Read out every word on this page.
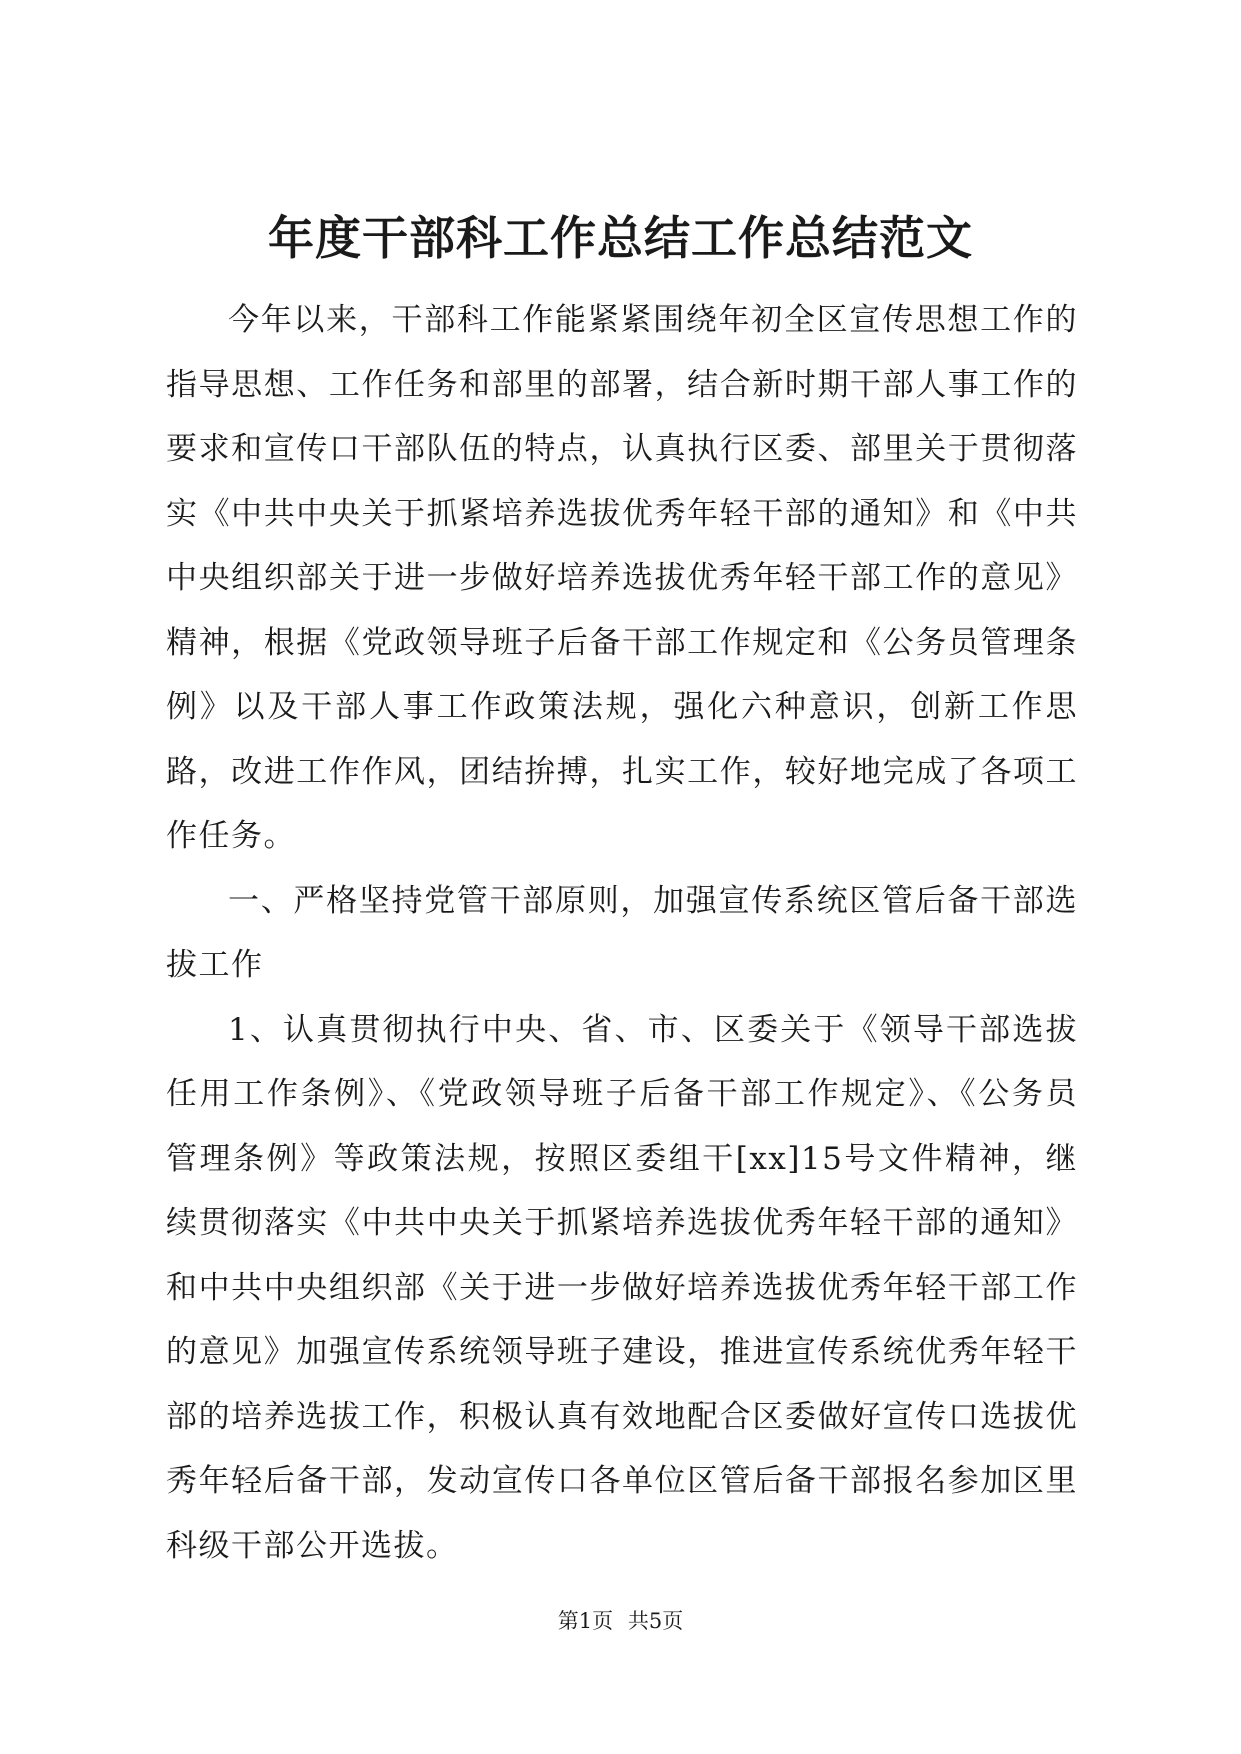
年度干部科工作总结工作总结范文

今年以来，干部科工作能紧紧围绕年初全区宣传思想工作的指导思想、工作任务和部里的部署，结合新时期干部人事工作的要求和宣传口干部队伍的特点，认真执行区委、部里关于贯彻落实《中共中央关于抓紧培养选拔优秀年轻干部的通知》和《中共中央组织部关于进一步做好培养选拔优秀年轻干部工作的意见》精神，根据《党政领导班子后备干部工作规定和《公务员管理条例》以及干部人事工作政策法规，强化六种意识，创新工作思路，改进工作作风，团结拚搏，扎实工作，较好地完成了各项工作任务。

一、严格坚持党管干部原则，加强宣传系统区管后备干部选拔工作

1、认真贯彻执行中央、省、市、区委关于《领导干部选拔任用工作条例》、《党政领导班子后备干部工作规定》、《公务员管理条例》等政策法规，按照区委组干[xx]15号文件精神，继续贯彻落实《中共中央关于抓紧培养选拔优秀年轻干部的通知》和中共中央组织部《关于进一步做好培养选拔优秀年轻干部工作的意见》加强宣传系统领导班子建设，推进宣传系统优秀年轻干部的培养选拔工作，积极认真有效地配合区委做好宣传口选拔优秀年轻后备干部，发动宣传口各单位区管后备干部报名参加区里科级干部公开选拔。

第1页 共5页
